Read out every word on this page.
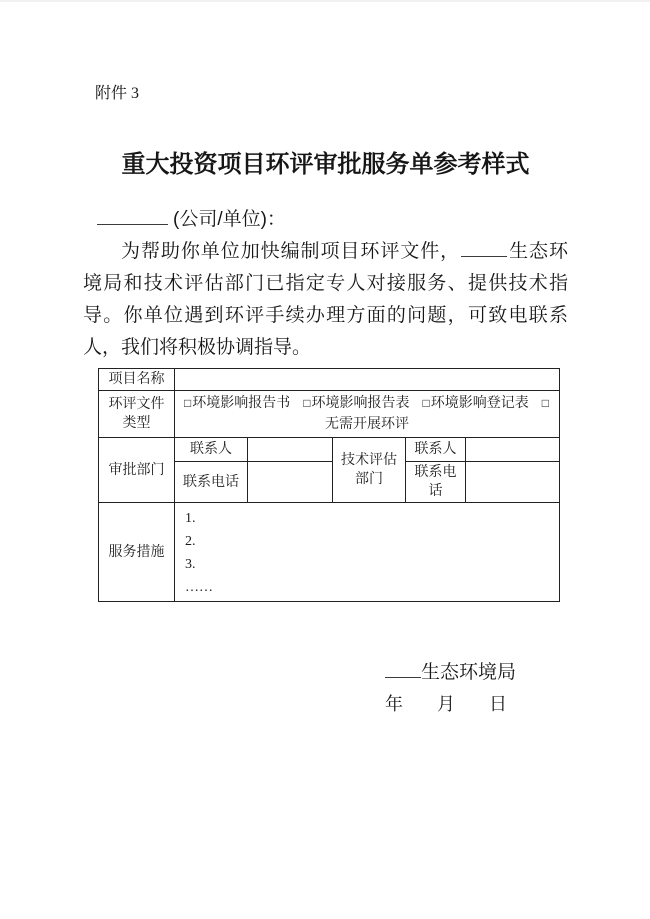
附件 3
重大投资项目环评审批服务单参考样式

(公司/单位)：

为帮助你单位加快编制项目环评文件，	生态环境局和技术评估部门已指定专人对接服务、提供技术指导。你单位遇到环评手续办理方面的问题，可致电联系人，我们将积极协调指导。

项目名称					
环评文件类型	□环境影响报告书 □环境影响报告表 □环境影响登记表 □无需开展环评				
审批部门	联系人		技术评估部门	联系人	
	联系电话			联系电话	
服务措施	1.
2.
3.
……				
生态环境局
年 月 日
